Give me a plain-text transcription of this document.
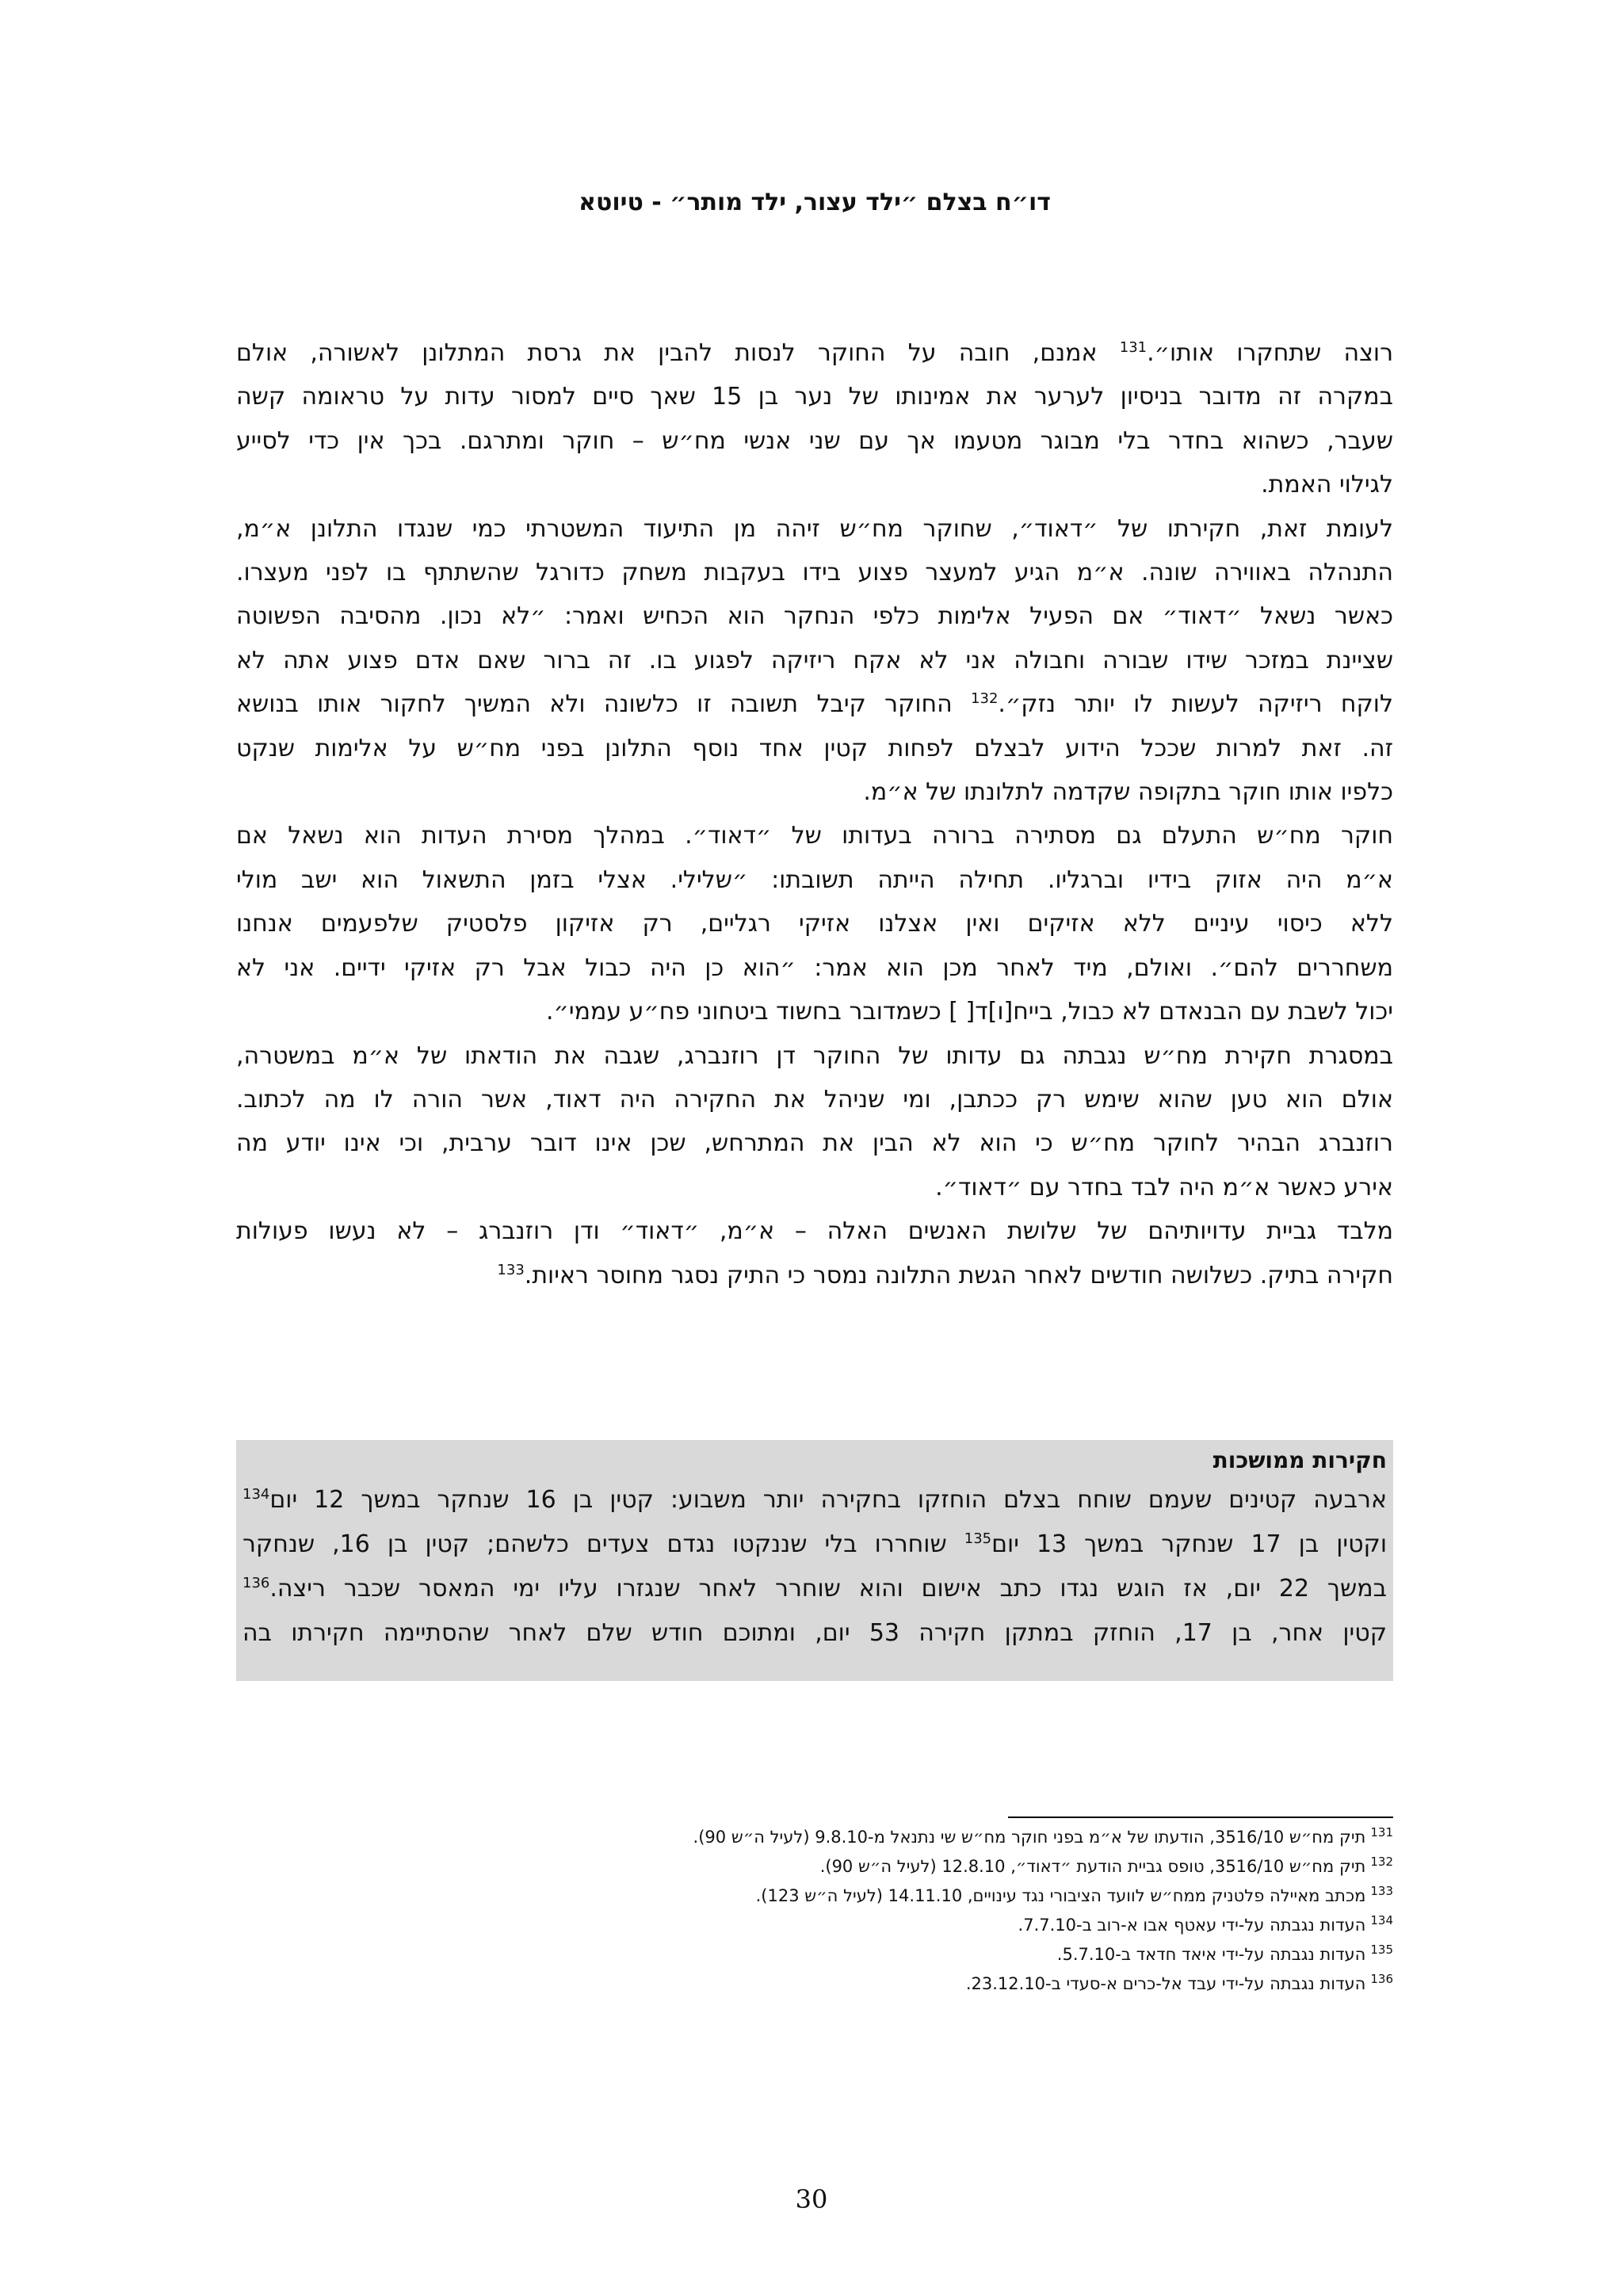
דו״ח בצלם ״ילד עצור, ילד מותר״ - טיוטא

רוצה שתחקרו אותו״.$^{131}$ אמנם, חובה על החוקר לנסות להבין את גרסת המתלונן לאשורה, אולם
במקרה זה מדובר בניסיון לערער את אמינותו של נער בן 15 שאך סיים למסור עדות על טראומה קשה
שעבר, כשהוא בחדר בלי מבוגר מטעמו אך עם שני אנשי מח״ש – חוקר ומתרגם. בכך אין כדי לסייע
לגילוי האמת.

לעומת זאת, חקירתו של ״דאוד״, שחוקר מח״ש זיהה מן התיעוד המשטרתי כמי שנגדו התלונן א״מ,
התנהלה באווירה שונה. א״מ הגיע למעצר פצוע בידו בעקבות משחק כדורגל שהשתתף בו לפני מעצרו.
כאשר נשאל ״דאוד״ אם הפעיל אלימות כלפי הנחקר הוא הכחיש ואמר: ״לא נכון. מהסיבה הפשוטה
שציינת במזכר שידו שבורה וחבולה אני לא אקח ריזיקה לפגוע בו. זה ברור שאם אדם פצוע אתה לא
לוקח ריזיקה לעשות לו יותר נזק״.$^{132}$ החוקר קיבל תשובה זו כלשונה ולא המשיך לחקור אותו בנושא
זה. זאת למרות שככל הידוע לבצלם לפחות קטין אחד נוסף התלונן בפני מח״ש על אלימות שנקט
כלפיו אותו חוקר בתקופה שקדמה לתלונתו של א״מ.

חוקר מח״ש התעלם גם מסתירה ברורה בעדותו של ״דאוד״. במהלך מסירת העדות הוא נשאל אם
א״מ היה אזוק בידיו וברגליו. תחילה הייתה תשובתו: ״שלילי. אצלי בזמן התשאול הוא ישב מולי
ללא כיסוי עיניים ללא אזיקים ואין אצלנו אזיקי רגליים, רק אזיקון פלסטיק שלפעמים אנחנו
משחררים להם״. ואולם, מיד לאחר מכן הוא אמר: ״הוא כן היה כבול אבל רק אזיקי ידיים. אני לא
יכול לשבת עם הבנאדם לא כבול, בייח[ו]ד[ ] כשמדובר בחשוד ביטחוני פח״ע עממי״.

במסגרת חקירת מח״ש נגבתה גם עדותו של החוקר דן רוזנברג, שגבה את הודאתו של א״מ במשטרה,
אולם הוא טען שהוא שימש רק ככתבן, ומי שניהל את החקירה היה דאוד, אשר הורה לו מה לכתוב.
רוזנברג הבהיר לחוקר מח״ש כי הוא לא הבין את המתרחש, שכן אינו דובר ערבית, וכי אינו יודע מה
אירע כאשר א״מ היה לבד בחדר עם ״דאוד״.

מלבד גביית עדויותיהם של שלושת האנשים האלה – א״מ, ״דאוד״ ודן רוזנברג – לא נעשו פעולות
חקירה בתיק. כשלושה חודשים לאחר הגשת התלונה נמסר כי התיק נסגר מחוסר ראיות.$^{133}$

חקירות ממושכות
ארבעה קטינים שעמם שוחח בצלם הוחזקו בחקירה יותר משבוע: קטין בן 16 שנחקר במשך 12 יום$^{134}$
וקטין בן 17 שנחקר במשך 13 יום$^{135}$ שוחררו בלי שננקטו נגדם צעדים כלשהם; קטין בן 16, שנחקר
במשך 22 יום, אז הוגש נגדו כתב אישום והוא שוחרר לאחר שנגזרו עליו ימי המאסר שכבר ריצה.$^{136}$
קטין אחר, בן 17, הוחזק במתקן חקירה 53 יום, ומתוכם חודש שלם לאחר שהסתיימה חקירתו בה
$^{131}$תיק מח״ש 3516/10, הודעתו של א״מ בפני חוקר מח״ש שי נתנאל מ-9.8.10 (לעיל ה״ש 90).
$^{132}$תיק מח״ש 3516/10, טופס גביית הודעת ״דאוד״, 12.8.10 (לעיל ה״ש 90).
$^{133}$מכתב מאיילה פלטניק ממח״ש לוועד הציבורי נגד עינויים, 14.11.10 (לעיל ה״ש 123).
$^{134}$העדות נגבתה על-ידי עאטף אבו א-רוב ב-7.7.10.
$^{135}$העדות נגבתה על-ידי איאד חדאד ב-5.7.10.
$^{136}$העדות נגבתה על-ידי עבד אל-כרים א-סעדי ב-23.12.10.
30
